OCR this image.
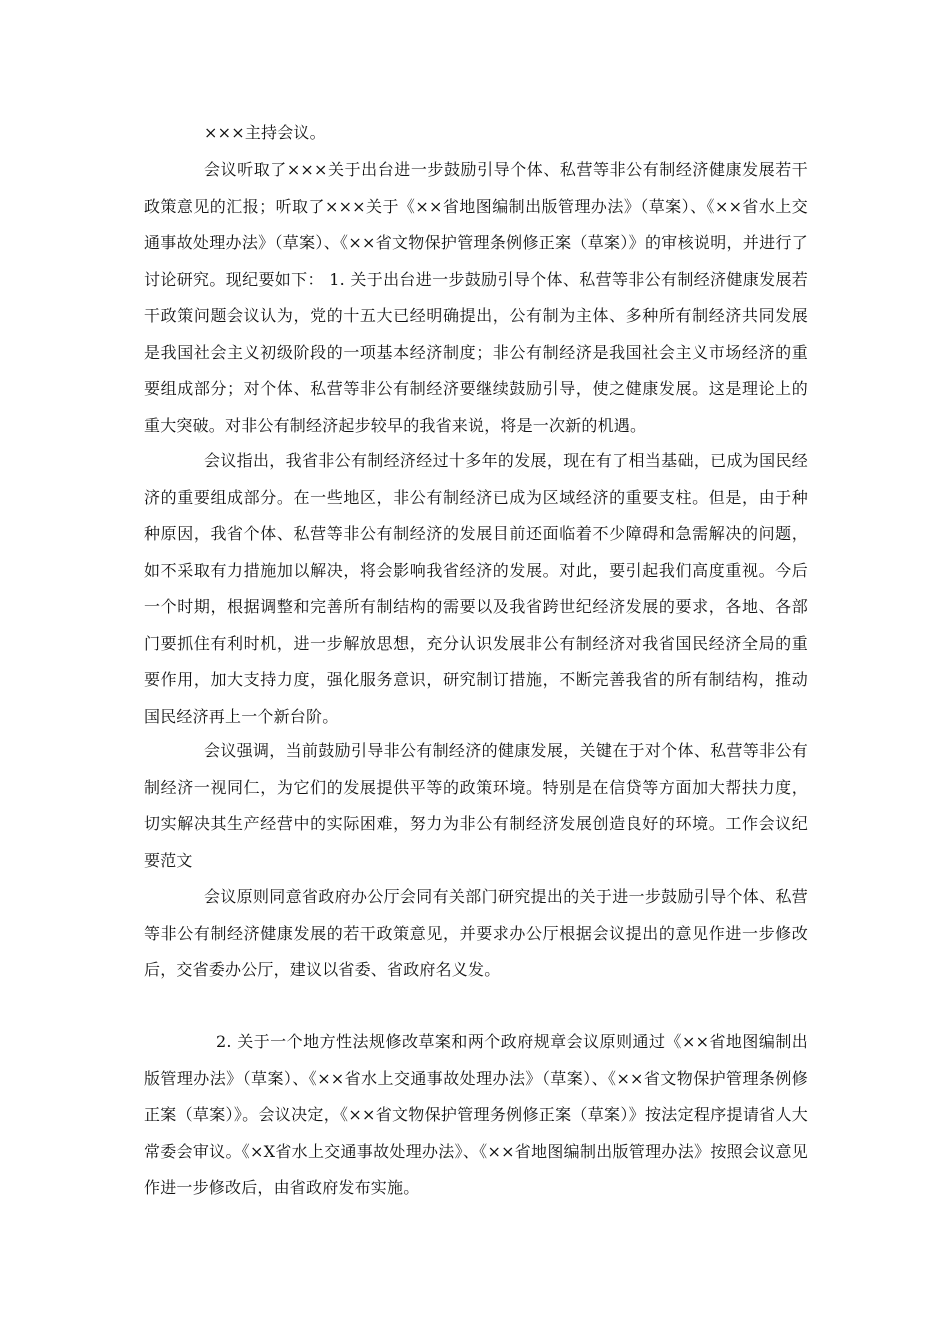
×××主持会议。

会议听取了×××关于出台进一步鼓励引导个体、私营等非公有制经济健康发展若干政策意见的汇报；听取了×××关于《××省地图编制出版管理办法》（草案）、《××省水上交通事故处理办法》（草案）、《××省文物保护管理条例修正案（草案）》的审核说明，并进行了讨论研究。现纪要如下： 1. 关于出台进一步鼓励引导个体、私营等非公有制经济健康发展若干政策问题会议认为，党的十五大已经明确提出，公有制为主体、多种所有制经济共同发展是我国社会主义初级阶段的一项基本经济制度；非公有制经济是我国社会主义市场经济的重要组成部分；对个体、私营等非公有制经济要继续鼓励引导，使之健康发展。这是理论上的重大突破。对非公有制经济起步较早的我省来说，将是一次新的机遇。

会议指出，我省非公有制经济经过十多年的发展，现在有了相当基础，已成为国民经济的重要组成部分。在一些地区，非公有制经济已成为区域经济的重要支柱。但是，由于种种原因，我省个体、私营等非公有制经济的发展目前还面临着不少障碍和急需解决的问题，如不采取有力措施加以解决，将会影响我省经济的发展。对此，要引起我们高度重视。今后一个时期，根据调整和完善所有制结构的需要以及我省跨世纪经济发展的要求，各地、各部门要抓住有利时机，进一步解放思想，充分认识发展非公有制经济对我省国民经济全局的重要作用，加大支持力度，强化服务意识，研究制订措施，不断完善我省的所有制结构，推动国民经济再上一个新台阶。

会议强调，当前鼓励引导非公有制经济的健康发展，关键在于对个体、私营等非公有制经济一视同仁，为它们的发展提供平等的政策环境。特别是在信贷等方面加大帮扶力度，切实解决其生产经营中的实际困难，努力为非公有制经济发展创造良好的环境。工作会议纪要范文

会议原则同意省政府办公厅会同有关部门研究提出的关于进一步鼓励引导个体、私营等非公有制经济健康发展的若干政策意见，并要求办公厅根据会议提出的意见作进一步修改后，交省委办公厅，建议以省委、省政府名义发。

2. 关于一个地方性法规修改草案和两个政府规章会议原则通过《××省地图编制出版管理办法》（草案）、《××省水上交通事故处理办法》（草案）、《××省文物保护管理条例修正案（草案）》。会议决定，《××省文物保护管理务例修正案（草案）》按法定程序提请省人大常委会审议。《×X省水上交通事故处理办法》、《××省地图编制出版管理办法》按照会议意见作进一步修改后，由省政府发布实施。
